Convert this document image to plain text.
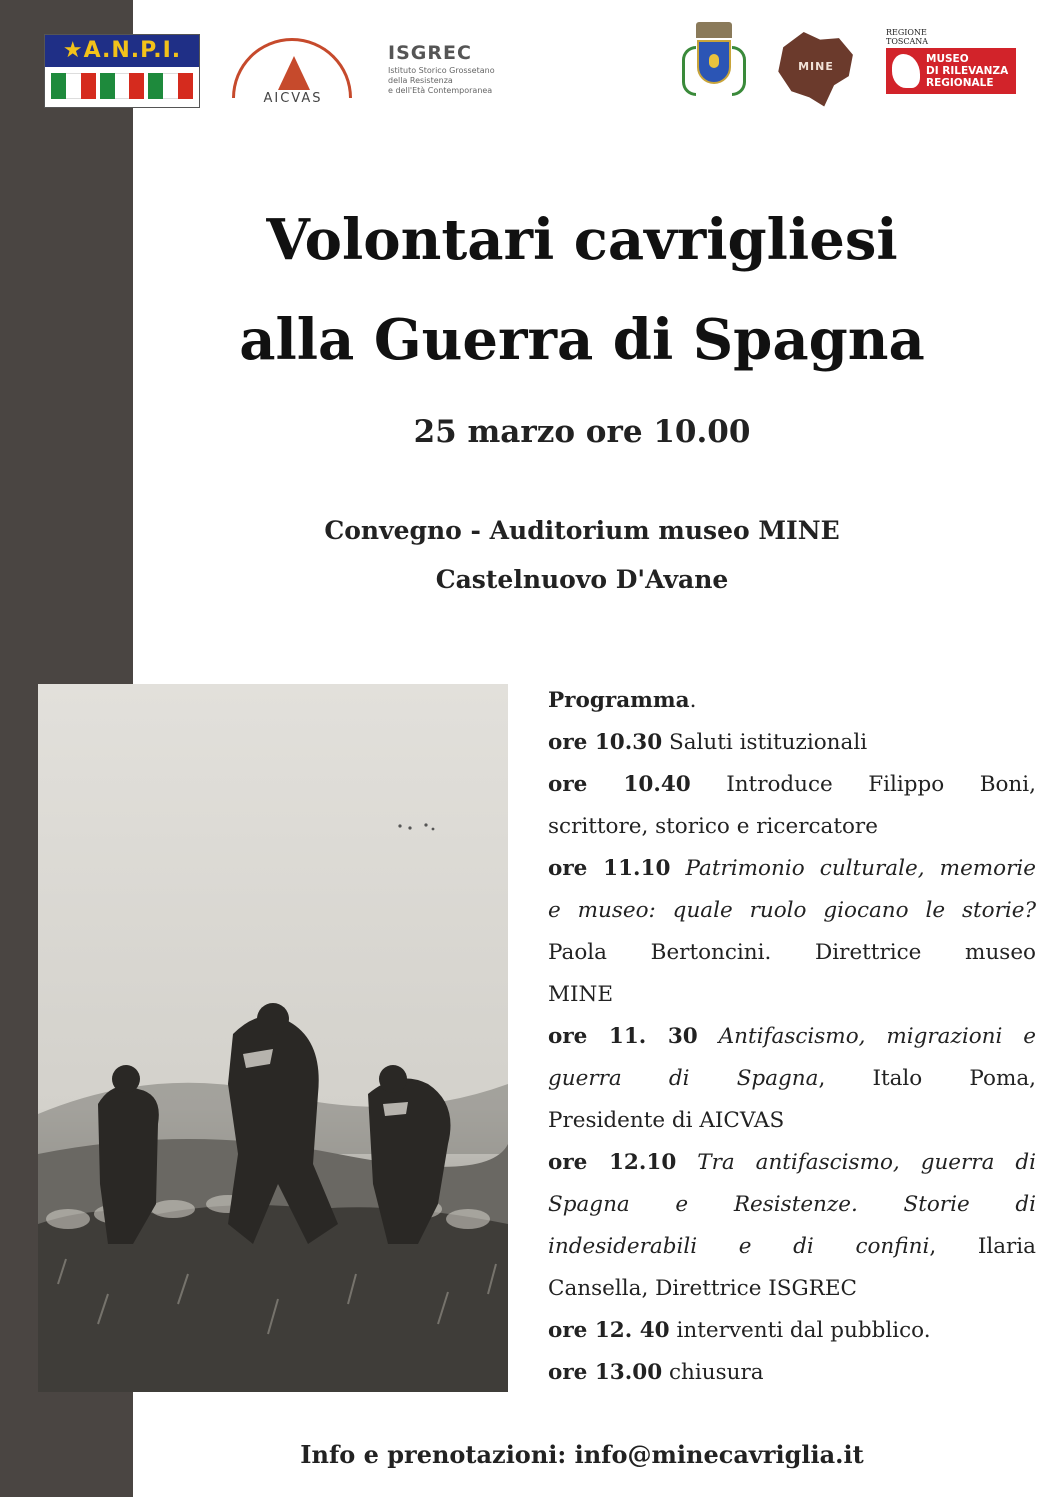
★A.N.P.I.
AICVAS
ISGREC
Istituto Storico Grossetano
della Resistenza
e dell'Età Contemporanea
MINE
REGIONE
TOSCANA
MUSEO
DI RILEVANZA
REGIONALE
Volontari cavrigliesi
alla Guerra di Spagna
25 marzo ore 10.00
Convegno - Auditorium museo MINE
Castelnuovo D'Avane
Programma.
ore 10.30 Saluti istituzionali
ore 10.40 Introduce Filippo Boni,
scrittore, storico e ricercatore
ore 11.10 Patrimonio culturale, memorie
e museo: quale ruolo giocano le storie?
Paola Bertoncini. Direttrice museo
MINE
ore 11. 30 Antifascismo, migrazioni e
guerra di Spagna, Italo Poma,
Presidente di AICVAS
ore 12.10 Tra antifascismo, guerra di
Spagna e Resistenze. Storie di
indesiderabili e di confini, Ilaria
Cansella, Direttrice ISGREC
ore 12. 40 interventi dal pubblico.
ore 13.00 chiusura
Info e prenotazioni: info@minecavriglia.it
